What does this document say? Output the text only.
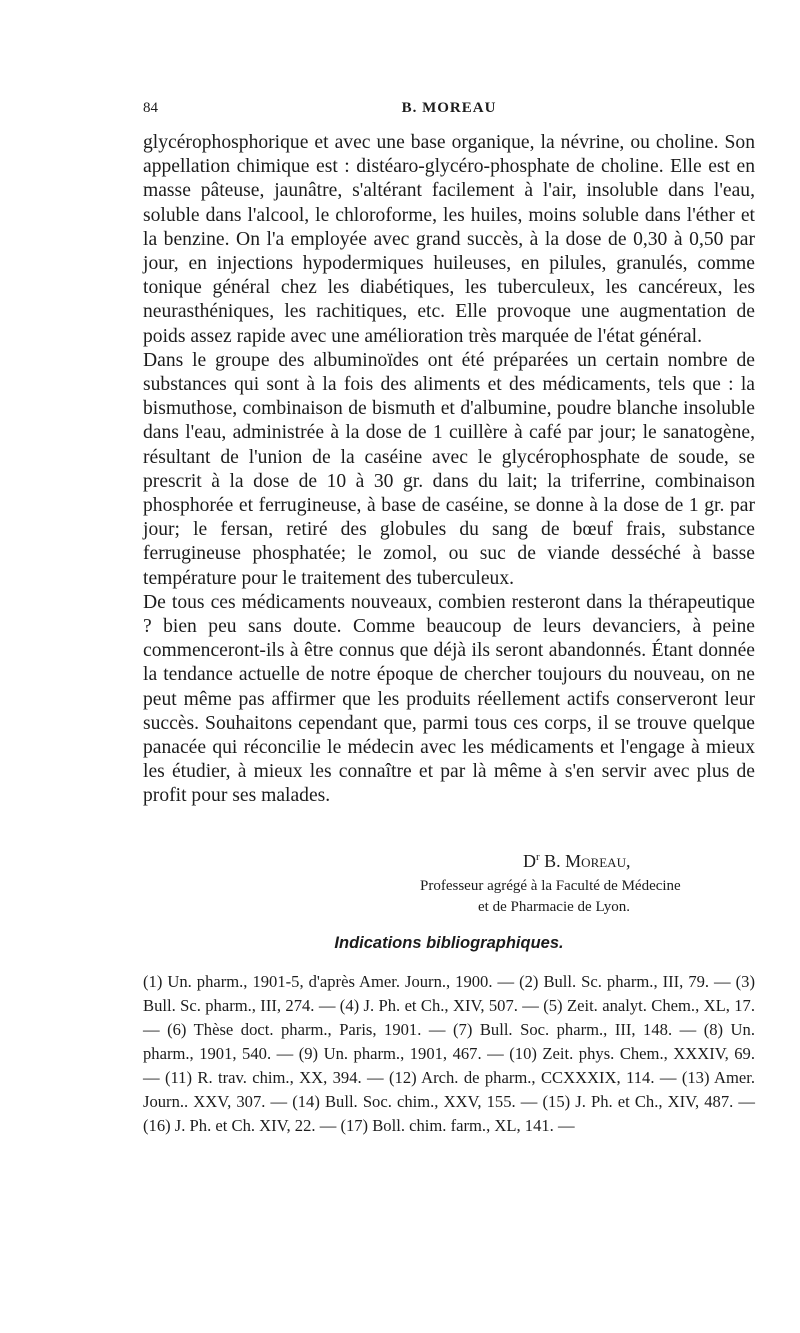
84	B. MOREAU

glycérophosphorique et avec une base organique, la névrine, ou choline. Son appellation chimique est : distéaro-glycéro-phosphate de choline. Elle est en masse pâteuse, jaunâtre, s'altérant facilement à l'air, insoluble dans l'eau, soluble dans l'alcool, le chloroforme, les huiles, moins soluble dans l'éther et la benzine. On l'a employée avec grand succès, à la dose de 0,30 à 0,50 par jour, en injections hypodermiques huileuses, en pilules, granulés, comme tonique général chez les diabétiques, les tuberculeux, les cancéreux, les neurasthéniques, les rachitiques, etc. Elle provoque une augmentation de poids assez rapide avec une amélioration très marquée de l'état général.

Dans le groupe des albuminoïdes ont été préparées un certain nombre de substances qui sont à la fois des aliments et des médicaments, tels que : la bismuthose, combinaison de bismuth et d'albumine, poudre blanche insoluble dans l'eau, administrée à la dose de 1 cuillère à café par jour; le sanatogène, résultant de l'union de la caséine avec le glycérophosphate de soude, se prescrit à la dose de 10 à 30 gr. dans du lait; la triferrine, combinaison phosphorée et ferrugineuse, à base de caséine, se donne à la dose de 1 gr. par jour; le fersan, retiré des globules du sang de bœuf frais, substance ferrugineuse phosphatée; le zomol, ou suc de viande desséché à basse température pour le traitement des tuberculeux.

De tous ces médicaments nouveaux, combien resteront dans la thérapeutique ? bien peu sans doute. Comme beaucoup de leurs devanciers, à peine commenceront-ils à être connus que déjà ils seront abandonnés. Étant donnée la tendance actuelle de notre époque de chercher toujours du nouveau, on ne peut même pas affirmer que les produits réellement actifs conserveront leur succès. Souhaitons cependant que, parmi tous ces corps, il se trouve quelque panacée qui réconcilie le médecin avec les médicaments et l'engage à mieux les étudier, à mieux les connaître et par là même à s'en servir avec plus de profit pour ses malades.

$D^r$ B. Moreau,
Professeur agrégé à la Faculté de Médecine
et de Pharmacie de Lyon.
Indications bibliographiques.
(1) Un. pharm., 1901-5, d'après Amer. Journ., 1900. — (2) Bull. Sc. pharm., III, 79. — (3) Bull. Sc. pharm., III, 274. — (4) J. Ph. et Ch., XIV, 507. — (5) Zeit. analyt. Chem., XL, 17. — (6) Thèse doct. pharm., Paris, 1901. — (7) Bull. Soc. pharm., III, 148. — (8) Un. pharm., 1901, 540. — (9) Un. pharm., 1901, 467. — (10) Zeit. phys. Chem., XXXIV, 69. — (11) R. trav. chim., XX, 394. — (12) Arch. de pharm., CCXXXIX, 114. — (13) Amer. Journ.. XXV, 307. — (14) Bull. Soc. chim., XXV, 155. — (15) J. Ph. et Ch., XIV, 487. — (16) J. Ph. et Ch. XIV, 22. — (17) Boll. chim. farm., XL, 141. —
